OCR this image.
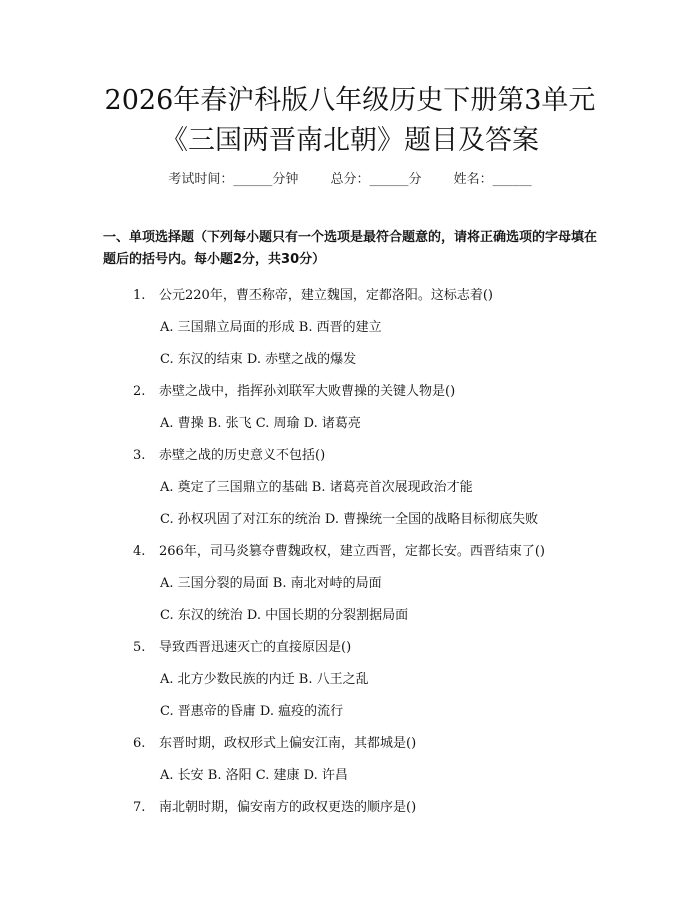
2026年春沪科版八年级历史下册第3单元
《三国两晋南北朝》题目及答案
考试时间：______分钟 总分：______分 姓名：______
一、单项选择题（下列每小题只有一个选项是最符合题意的，请将正确选项的字母填在题后的括号内。每小题2分，共30分）
1. 公元220年，曹丕称帝，建立魏国，定都洛阳。这标志着()
A. 三国鼎立局面的形成 B. 西晋的建立
C. 东汉的结束 D. 赤壁之战的爆发
2. 赤壁之战中，指挥孙刘联军大败曹操的关键人物是()
A. 曹操 B. 张飞 C. 周瑜 D. 诸葛亮
3. 赤壁之战的历史意义不包括()
A. 奠定了三国鼎立的基础 B. 诸葛亮首次展现政治才能
C. 孙权巩固了对江东的统治 D. 曹操统一全国的战略目标彻底失败
4. 266年，司马炎篡夺曹魏政权，建立西晋，定都长安。西晋结束了()
A. 三国分裂的局面 B. 南北对峙的局面
C. 东汉的统治 D. 中国长期的分裂割据局面
5. 导致西晋迅速灭亡的直接原因是()
A. 北方少数民族的内迁 B. 八王之乱
C. 晋惠帝的昏庸 D. 瘟疫的流行
6. 东晋时期，政权形式上偏安江南，其都城是()
A. 长安 B. 洛阳 C. 建康 D. 许昌
7. 南北朝时期，偏安南方的政权更迭的顺序是()
